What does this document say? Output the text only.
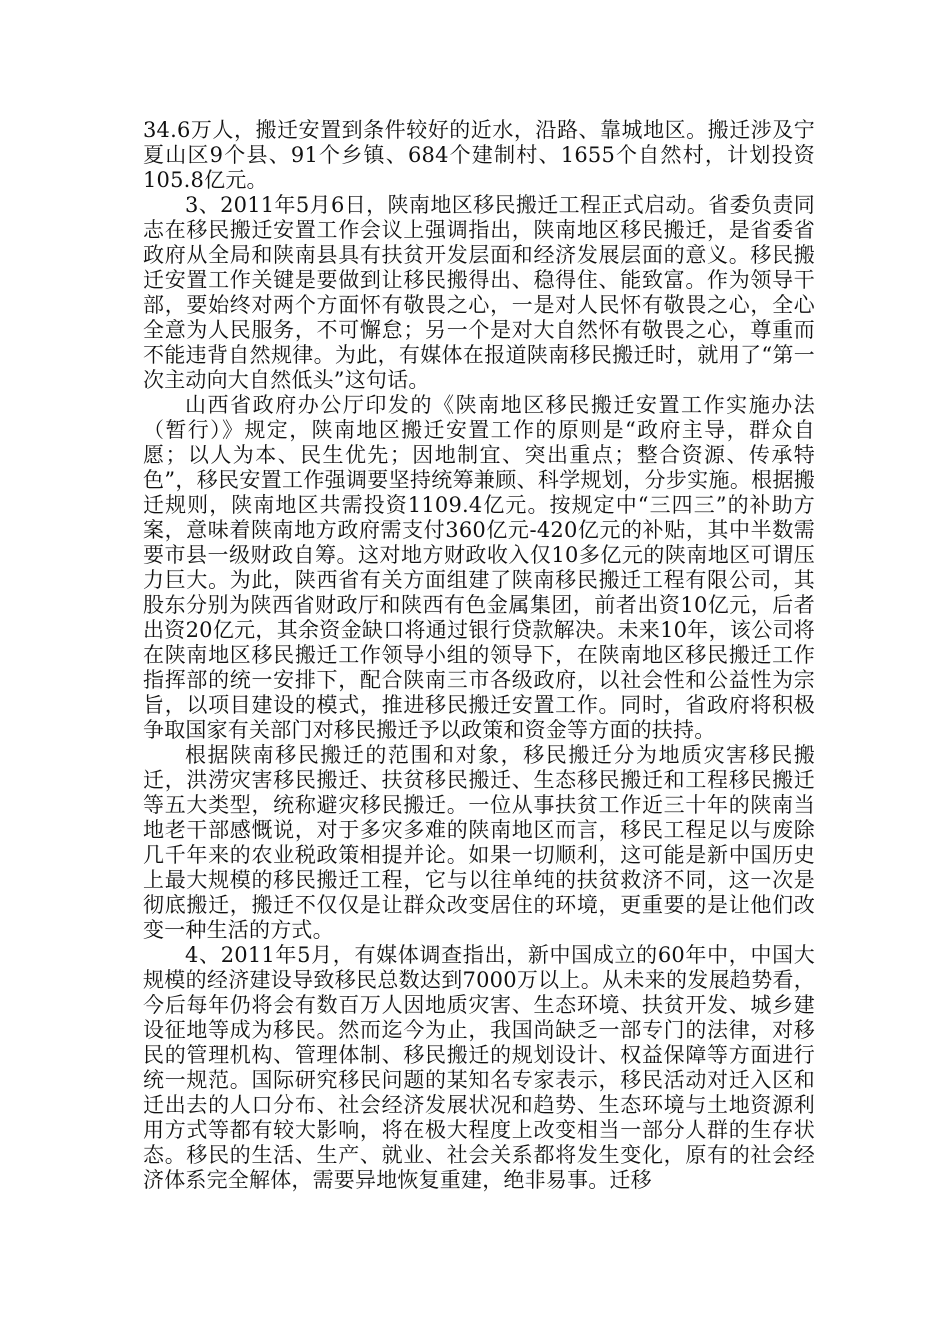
34.6万人，搬迁安置到条件较好的近水，沿路、靠城地区。搬迁涉及宁夏山区9个县、91个乡镇、684个建制村、1655个自然村，计划投资105.8亿元。

3、2011年5月6日，陕南地区移民搬迁工程正式启动。省委负责同志在移民搬迁安置工作会议上强调指出，陕南地区移民搬迁，是省委省政府从全局和陕南县具有扶贫开发层面和经济发展层面的意义。移民搬迁安置工作关键是要做到让移民搬得出、稳得住、能致富。作为领导干部，要始终对两个方面怀有敬畏之心，一是对人民怀有敬畏之心，全心全意为人民服务，不可懈怠；另一个是对大自然怀有敬畏之心，尊重而不能违背自然规律。为此，有媒体在报道陕南移民搬迁时，就用了“第一次主动向大自然低头”这句话。

山西省政府办公厅印发的《陕南地区移民搬迁安置工作实施办法（暂行）》规定，陕南地区搬迁安置工作的原则是“政府主导，群众自愿；以人为本、民生优先；因地制宜、突出重点；整合资源、传承特色”，移民安置工作强调要坚持统筹兼顾、科学规划，分步实施。根据搬迁规则，陕南地区共需投资1109.4亿元。按规定中“三四三”的补助方案，意味着陕南地方政府需支付360亿元-420亿元的补贴，其中半数需要市县一级财政自筹。这对地方财政收入仅10多亿元的陕南地区可谓压力巨大。为此，陕西省有关方面组建了陕南移民搬迁工程有限公司，其股东分别为陕西省财政厅和陕西有色金属集团，前者出资10亿元，后者出资20亿元，其余资金缺口将通过银行贷款解决。未来10年，该公司将在陕南地区移民搬迁工作领导小组的领导下，在陕南地区移民搬迁工作指挥部的统一安排下，配合陕南三市各级政府，以社会性和公益性为宗旨，以项目建设的模式，推进移民搬迁安置工作。同时，省政府将积极争取国家有关部门对移民搬迁予以政策和资金等方面的扶持。

根据陕南移民搬迁的范围和对象，移民搬迁分为地质灾害移民搬迁，洪涝灾害移民搬迁、扶贫移民搬迁、生态移民搬迁和工程移民搬迁等五大类型，统称避灾移民搬迁。一位从事扶贫工作近三十年的陕南当地老干部感慨说，对于多灾多难的陕南地区而言，移民工程足以与废除几千年来的农业税政策相提并论。如果一切顺利，这可能是新中国历史上最大规模的移民搬迁工程，它与以往单纯的扶贫救济不同，这一次是彻底搬迁，搬迁不仅仅是让群众改变居住的环境，更重要的是让他们改变一种生活的方式。

4、2011年5月，有媒体调查指出，新中国成立的60年中，中国大规模的经济建设导致移民总数达到7000万以上。从未来的发展趋势看，今后每年仍将会有数百万人因地质灾害、生态环境、扶贫开发、城乡建设征地等成为移民。然而迄今为止，我国尚缺乏一部专门的法律，对移民的管理机构、管理体制、移民搬迁的规划设计、权益保障等方面进行统一规范。国际研究移民问题的某知名专家表示，移民活动对迁入区和迁出去的人口分布、社会经济发展状况和趋势、生态环境与土地资源利用方式等都有较大影响，将在极大程度上改变相当一部分人群的生存状态。移民的生活、生产、就业、社会关系都将发生变化，原有的社会经济体系完全解体，需要异地恢复重建，绝非易事。迁移
